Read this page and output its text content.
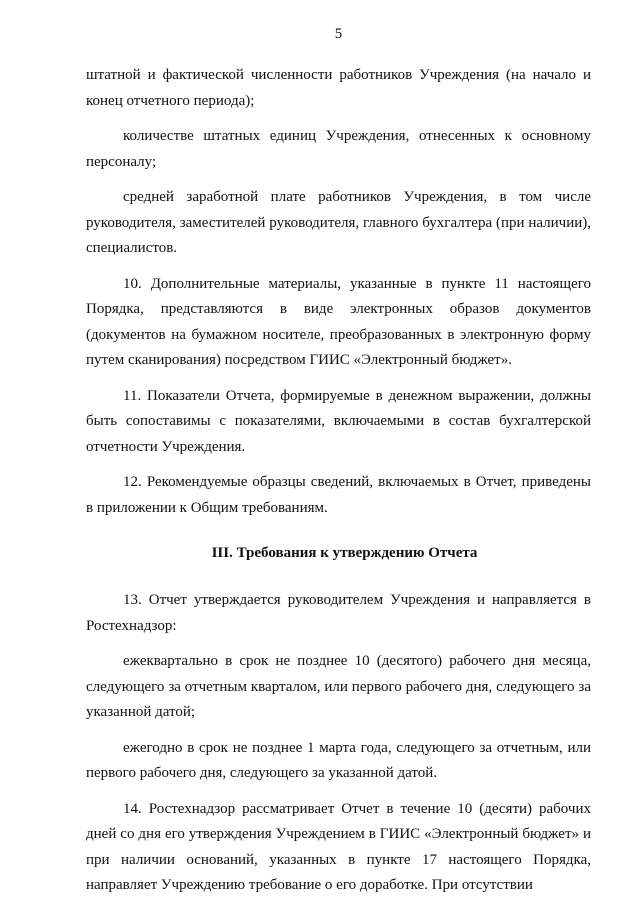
5

штатной и фактической численности работников Учреждения (на начало и конец отчетного периода);

количестве штатных единиц Учреждения, отнесенных к основному персоналу;

средней заработной плате работников Учреждения, в том числе руководителя, заместителей руководителя, главного бухгалтера (при наличии), специалистов.

10. Дополнительные материалы, указанные в пункте 11 настоящего Порядка, представляются в виде электронных образов документов (документов на бумажном носителе, преобразованных в электронную форму путем сканирования) посредством ГИИС «Электронный бюджет».

11. Показатели Отчета, формируемые в денежном выражении, должны быть сопоставимы с показателями, включаемыми в состав бухгалтерской отчетности Учреждения.

12. Рекомендуемые образцы сведений, включаемых в Отчет, приведены в приложении к Общим требованиям.

III. Требования к утверждению Отчета

13. Отчет утверждается руководителем Учреждения и направляется в Ростехнадзор:

ежеквартально в срок не позднее 10 (десятого) рабочего дня месяца, следующего за отчетным кварталом, или первого рабочего дня, следующего за указанной датой;

ежегодно в срок не позднее 1 марта года, следующего за отчетным, или первого рабочего дня, следующего за указанной датой.

14. Ростехнадзор рассматривает Отчет в течение 10 (десяти) рабочих дней со дня его утверждения Учреждением в ГИИС «Электронный бюджет» и при наличии оснований, указанных в пункте 17 настоящего Порядка, направляет Учреждению требование о его доработке. При отсутствии
